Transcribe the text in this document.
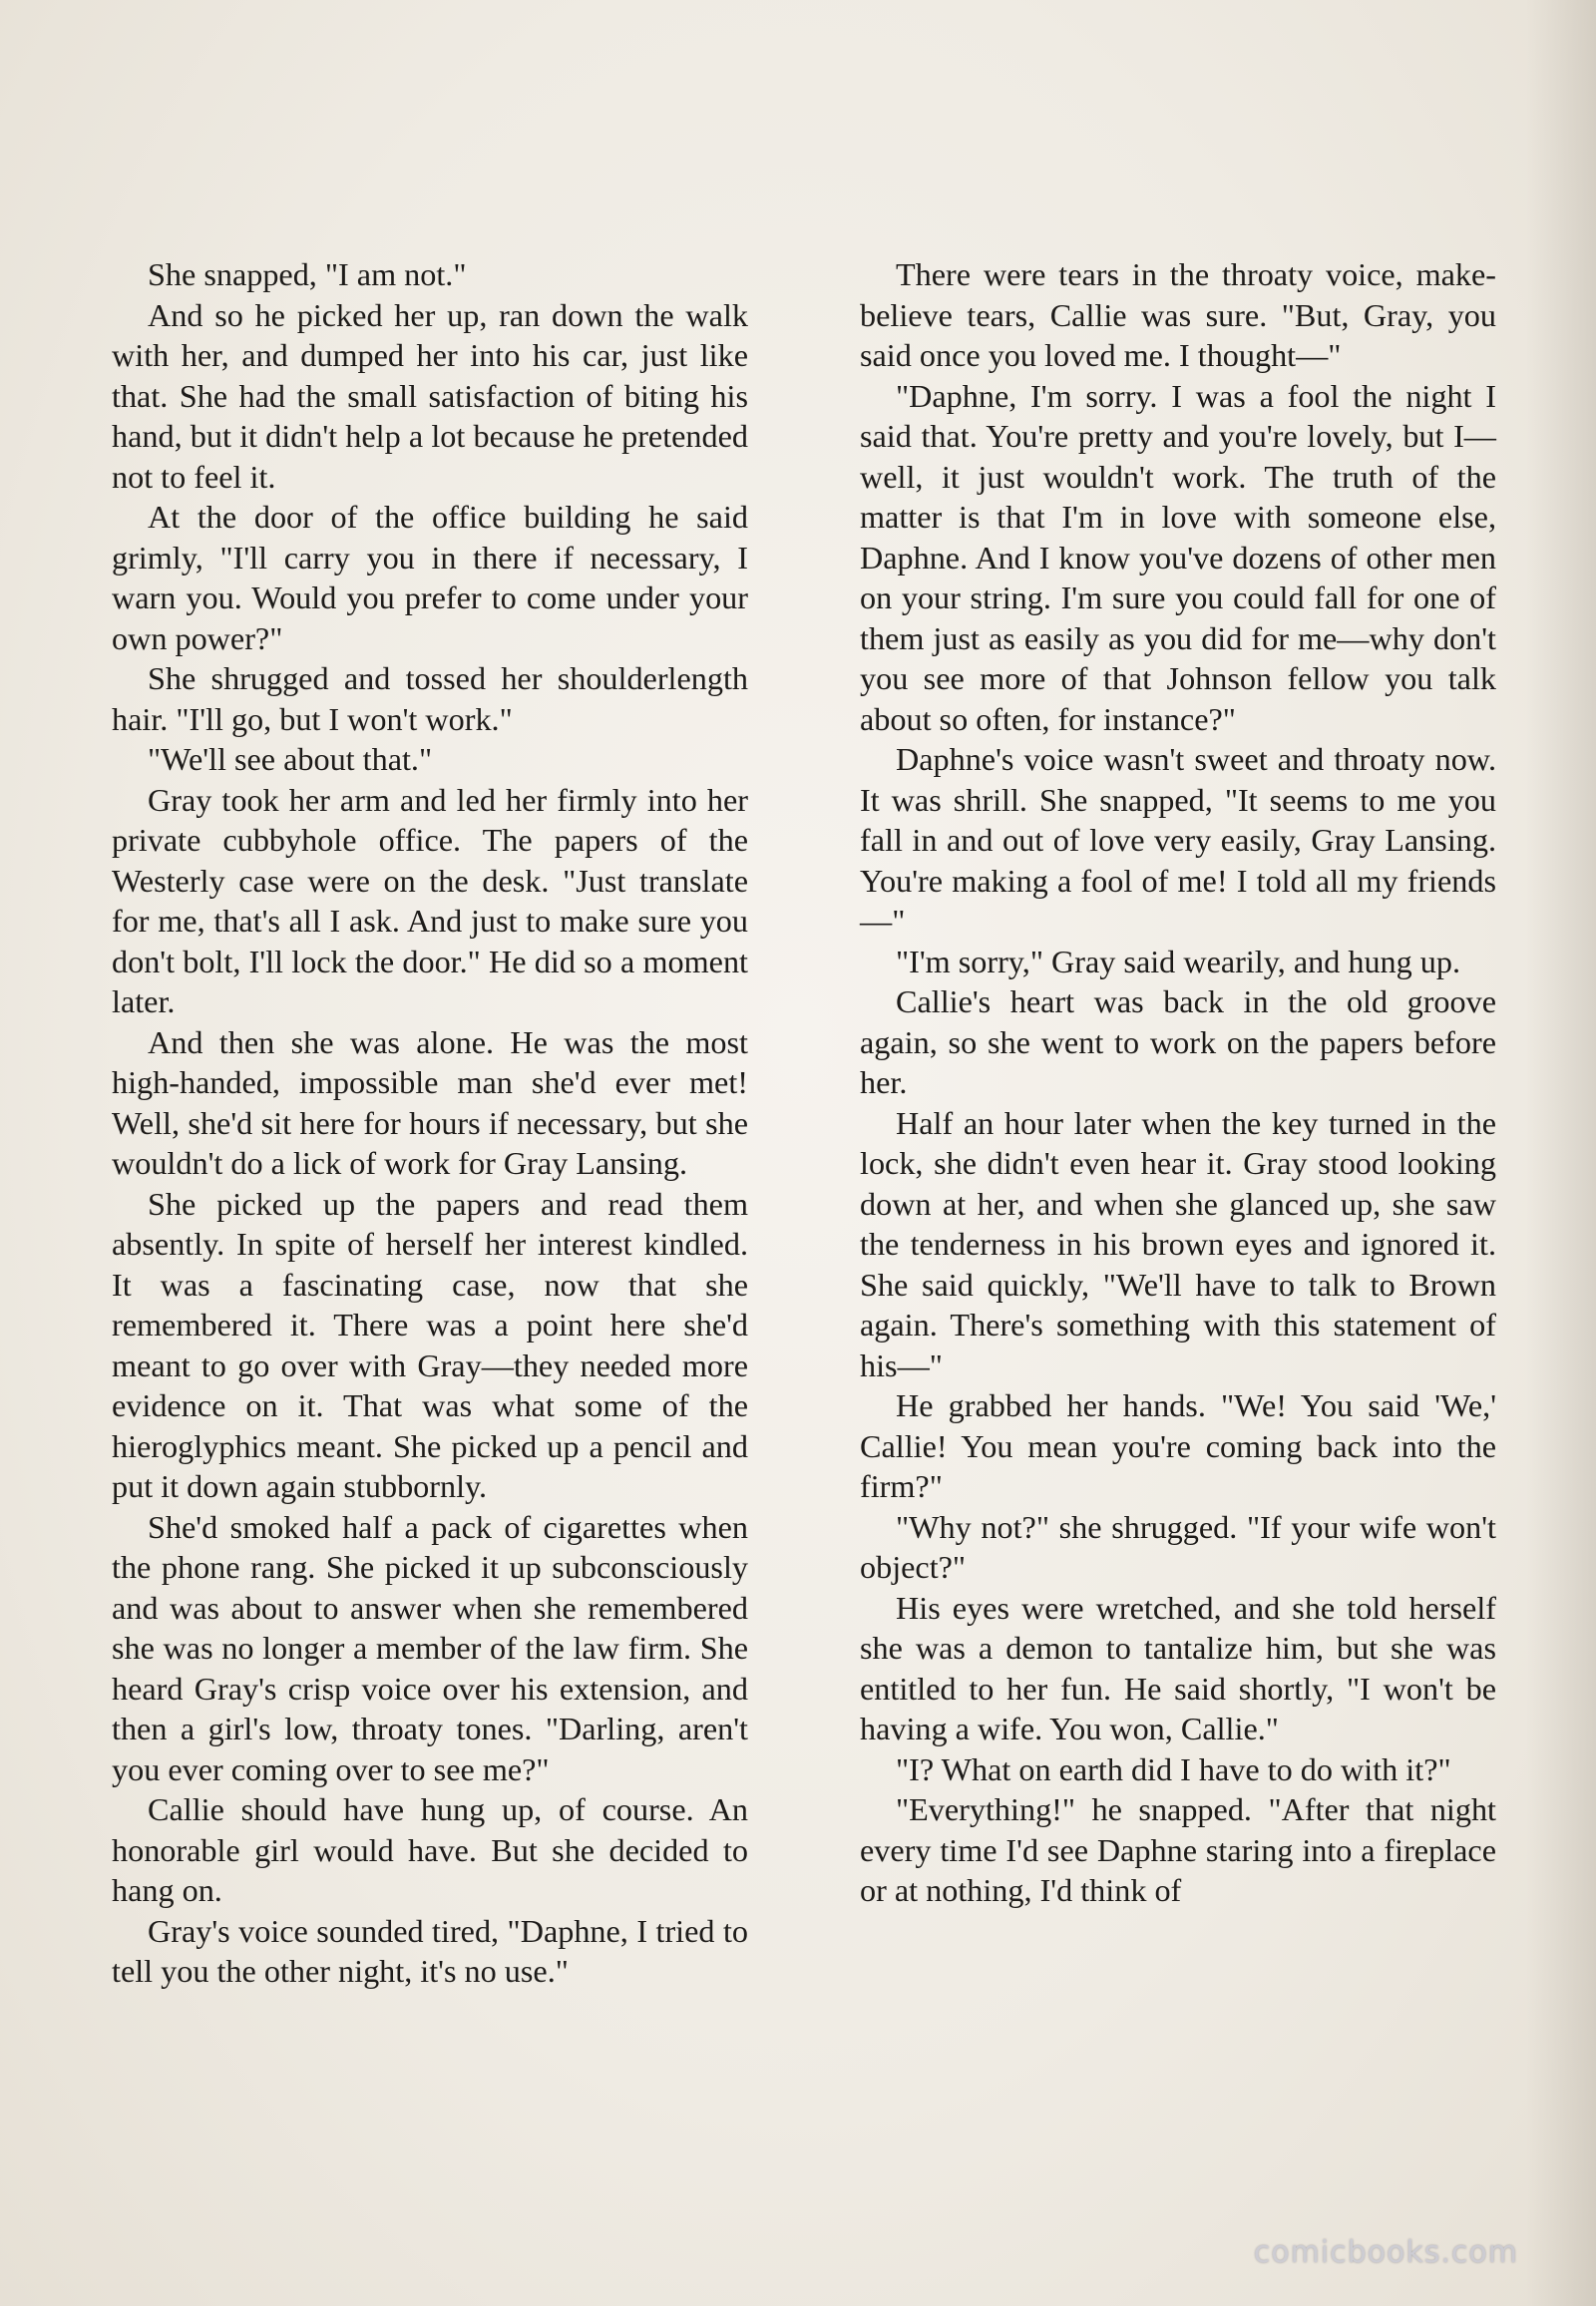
She snapped, "I am not."

And so he picked her up, ran down the walk with her, and dumped her into his car, just like that. She had the small satisfaction of biting his hand, but it didn't help a lot because he pretended not to feel it.

At the door of the office building he said grimly, "I'll carry you in there if necessary, I warn you. Would you prefer to come under your own power?"

She shrugged and tossed her shoulderlength hair. "I'll go, but I won't work."

"We'll see about that."

Gray took her arm and led her firmly into her private cubbyhole office. The papers of the Westerly case were on the desk. "Just translate for me, that's all I ask. And just to make sure you don't bolt, I'll lock the door." He did so a moment later.

And then she was alone. He was the most high-handed, impossible man she'd ever met! Well, she'd sit here for hours if necessary, but she wouldn't do a lick of work for Gray Lansing.

She picked up the papers and read them absently. In spite of herself her interest kindled. It was a fascinating case, now that she remembered it. There was a point here she'd meant to go over with Gray—they needed more evidence on it. That was what some of the hieroglyphics meant. She picked up a pencil and put it down again stubbornly.

She'd smoked half a pack of cigarettes when the phone rang. She picked it up subconsciously and was about to answer when she remembered she was no longer a member of the law firm. She heard Gray's crisp voice over his extension, and then a girl's low, throaty tones. "Darling, aren't you ever coming over to see me?"

Callie should have hung up, of course. An honorable girl would have. But she decided to hang on.

Gray's voice sounded tired, "Daphne, I tried to tell you the other night, it's no use."

There were tears in the throaty voice, make-believe tears, Callie was sure. "But, Gray, you said once you loved me. I thought—"

"Daphne, I'm sorry. I was a fool the night I said that. You're pretty and you're lovely, but I—well, it just wouldn't work. The truth of the matter is that I'm in love with someone else, Daphne. And I know you've dozens of other men on your string. I'm sure you could fall for one of them just as easily as you did for me—why don't you see more of that Johnson fellow you talk about so often, for instance?"

Daphne's voice wasn't sweet and throaty now. It was shrill. She snapped, "It seems to me you fall in and out of love very easily, Gray Lansing. You're making a fool of me! I told all my friends—"

"I'm sorry," Gray said wearily, and hung up.

Callie's heart was back in the old groove again, so she went to work on the papers before her.

Half an hour later when the key turned in the lock, she didn't even hear it. Gray stood looking down at her, and when she glanced up, she saw the tenderness in his brown eyes and ignored it. She said quickly, "We'll have to talk to Brown again. There's something with this statement of his—"

He grabbed her hands. "We! You said 'We,' Callie! You mean you're coming back into the firm?"

"Why not?" she shrugged. "If your wife won't object?"

His eyes were wretched, and she told herself she was a demon to tantalize him, but she was entitled to her fun. He said shortly, "I won't be having a wife. You won, Callie."

"I? What on earth did I have to do with it?"

"Everything!" he snapped. "After that night every time I'd see Daphne staring into a fireplace or at nothing, I'd think of

comicbooks.com
